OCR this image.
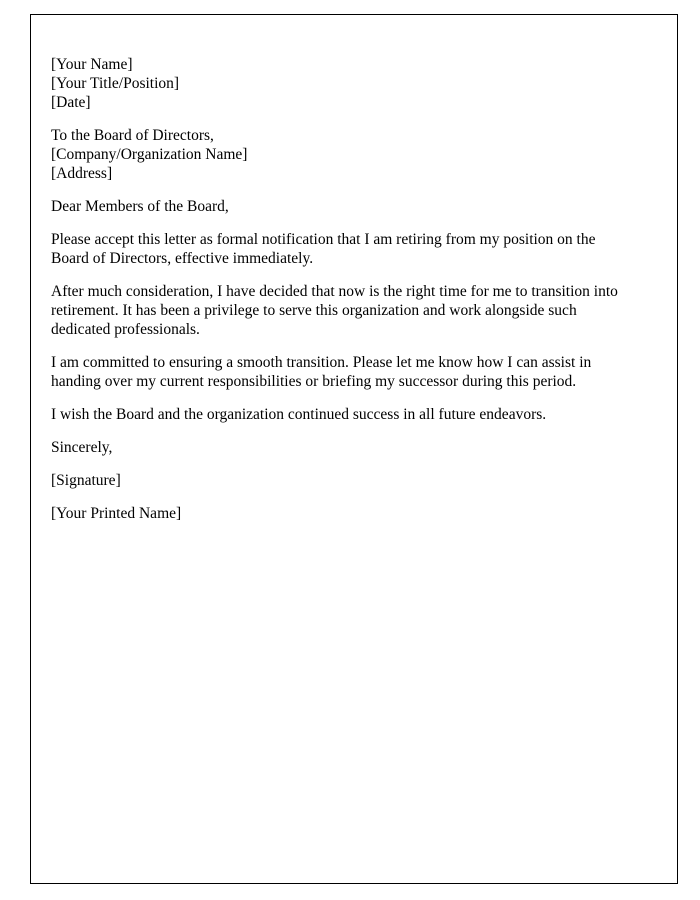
[Your Name]
[Your Title/Position]
[Date]
To the Board of Directors,
[Company/Organization Name]
[Address]

Dear Members of the Board,

Please accept this letter as formal notification that I am retiring from my position on the Board of Directors, effective immediately.

After much consideration, I have decided that now is the right time for me to transition into retirement. It has been a privilege to serve this organization and work alongside such dedicated professionals.

I am committed to ensuring a smooth transition. Please let me know how I can assist in handing over my current responsibilities or briefing my successor during this period.

I wish the Board and the organization continued success in all future endeavors.

Sincerely,

[Signature]

[Your Printed Name]
